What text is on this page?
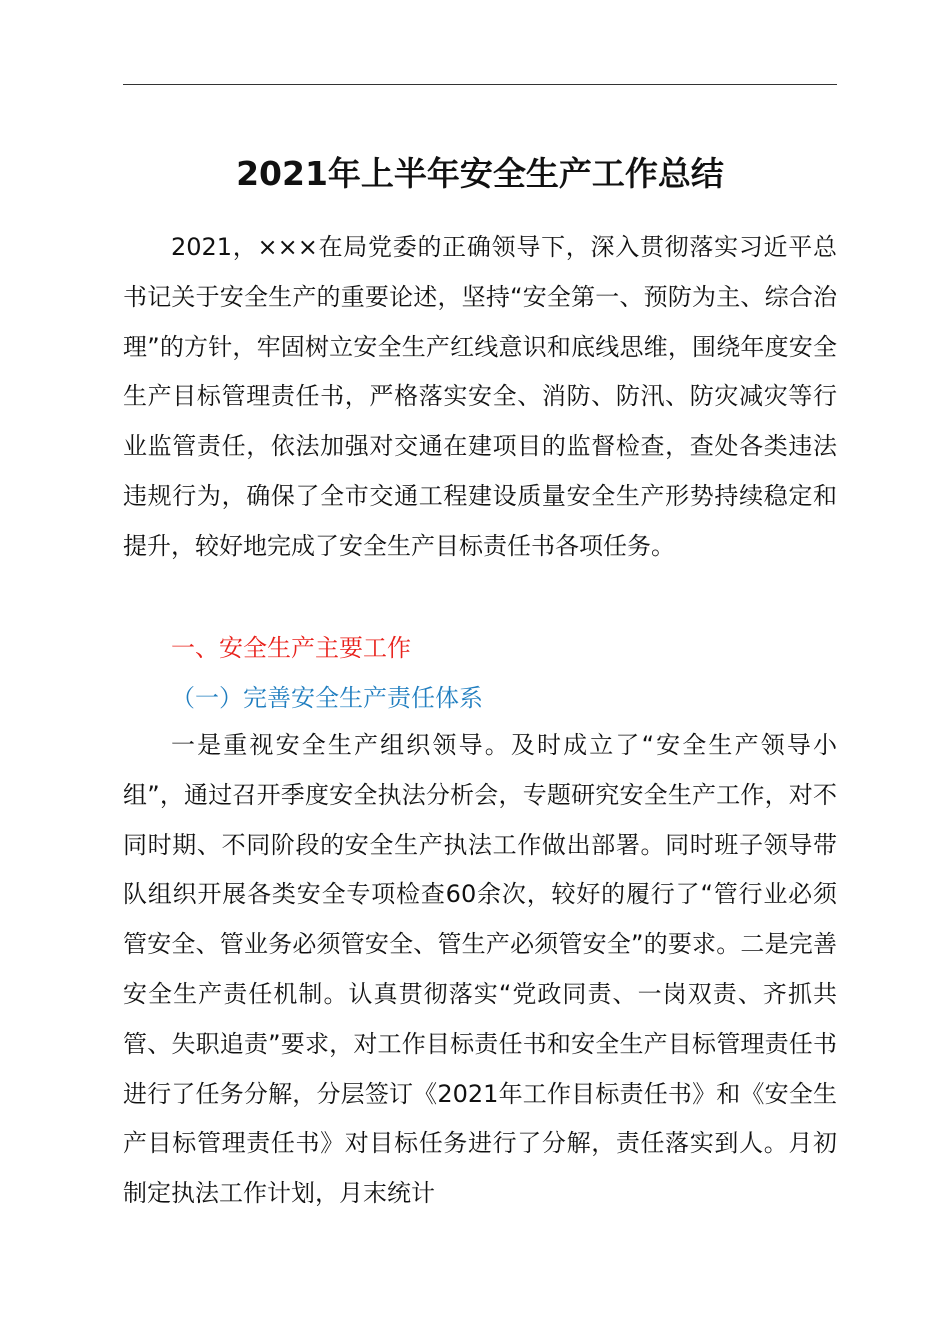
2021年上半年安全生产工作总结
2021，×××在局党委的正确领导下，深入贯彻落实习近平总书记关于安全生产的重要论述，坚持“安全第一、预防为主、综合治理”的方针，牢固树立安全生产红线意识和底线思维，围绕年度安全生产目标管理责任书，严格落实安全、消防、防汛、防灾减灾等行业监管责任，依法加强对交通在建项目的监督检查，查处各类违法违规行为，确保了全市交通工程建设质量安全生产形势持续稳定和提升，较好地完成了安全生产目标责任书各项任务。
一、安全生产主要工作
（一）完善安全生产责任体系
一是重视安全生产组织领导。及时成立了“安全生产领导小组”，通过召开季度安全执法分析会，专题研究安全生产工作，对不同时期、不同阶段的安全生产执法工作做出部署。同时班子领导带队组织开展各类安全专项检查60余次，较好的履行了“管行业必须管安全、管业务必须管安全、管生产必须管安全”的要求。二是完善安全生产责任机制。认真贯彻落实“党政同责、一岗双责、齐抓共管、失职追责”要求，对工作目标责任书和安全生产目标管理责任书进行了任务分解，分层签订《2021年工作目标责任书》和《安全生产目标管理责任书》对目标任务进行了分解，责任落实到人。月初制定执法工作计划，月末统计
